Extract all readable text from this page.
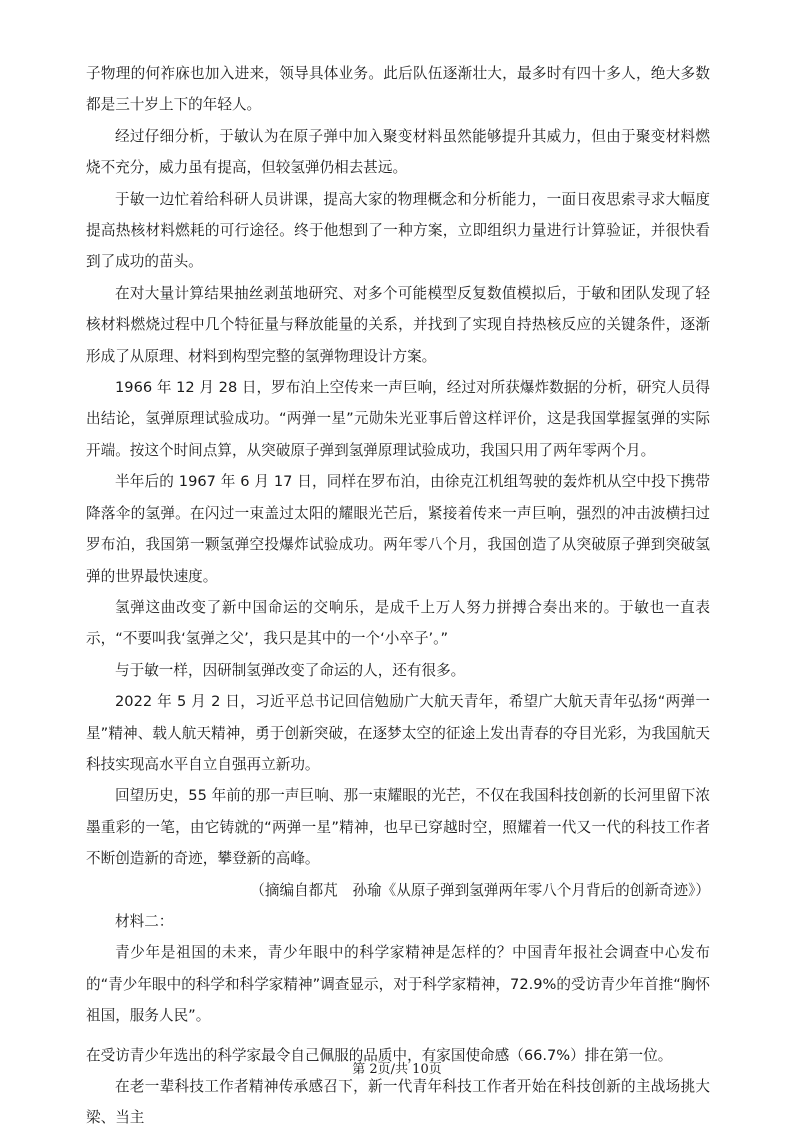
子物理的何祚庥也加入进来，领导具体业务。此后队伍逐渐壮大，最多时有四十多人，绝大多数都是三十岁上下的年轻人。

经过仔细分析，于敏认为在原子弹中加入聚变材料虽然能够提升其威力，但由于聚变材料燃烧不充分，威力虽有提高，但较氢弹仍相去甚远。

于敏一边忙着给科研人员讲课，提高大家的物理概念和分析能力，一面日夜思索寻求大幅度提高热核材料燃耗的可行途径。终于他想到了一种方案，立即组织力量进行计算验证，并很快看到了成功的苗头。

在对大量计算结果抽丝剥茧地研究、对多个可能模型反复数值模拟后，于敏和团队发现了轻核材料燃烧过程中几个特征量与释放能量的关系，并找到了实现自持热核反应的关键条件，逐渐形成了从原理、材料到构型完整的氢弹物理设计方案。

1966 年 12 月 28 日，罗布泊上空传来一声巨响，经过对所获爆炸数据的分析，研究人员得出结论，氢弹原理试验成功。“两弹一星”元勋朱光亚事后曾这样评价，这是我国掌握氢弹的实际开端。按这个时间点算，从突破原子弹到氢弹原理试验成功，我国只用了两年零两个月。

半年后的 1967 年 6 月 17 日，同样在罗布泊，由徐克江机组驾驶的轰炸机从空中投下携带降落伞的氢弹。在闪过一束盖过太阳的耀眼光芒后，紧接着传来一声巨响，强烈的冲击波横扫过罗布泊，我国第一颗氢弹空投爆炸试验成功。两年零八个月，我国创造了从突破原子弹到突破氢弹的世界最快速度。

氢弹这曲改变了新中国命运的交响乐，是成千上万人努力拼搏合奏出来的。于敏也一直表示，“不要叫我‘氢弹之父’，我只是其中的一个‘小卒子’。”

与于敏一样，因研制氢弹改变了命运的人，还有很多。

2022 年 5 月 2 日，习近平总书记回信勉励广大航天青年，希望广大航天青年弘扬“两弹一星”精神、载人航天精神，勇于创新突破，在逐梦太空的征途上发出青春的夺目光彩，为我国航天科技实现高水平自立自强再立新功。

回望历史，55 年前的那一声巨响、那一束耀眼的光芒，不仅在我国科技创新的长河里留下浓墨重彩的一笔，由它铸就的“两弹一星”精神，也早已穿越时空，照耀着一代又一代的科技工作者不断创造新的奇迹，攀登新的高峰。

（摘编自都芃　孙瑜《从原子弹到氢弹两年零八个月背后的创新奇迹》）

材料二：

青少年是祖国的未来，青少年眼中的科学家精神是怎样的？中国青年报社会调查中心发布的“青少年眼中的科学和科学家精神”调查显示，对于科学家精神，72.9%的受访青少年首推“胸怀祖国，服务人民”。

在受访青少年选出的科学家最令自己佩服的品质中，有家国使命感（66.7%）排在第一位。

在老一辈科技工作者精神传承感召下，新一代青年科技工作者开始在科技创新的主战场挑大梁、当主

第 2页/共 10页
